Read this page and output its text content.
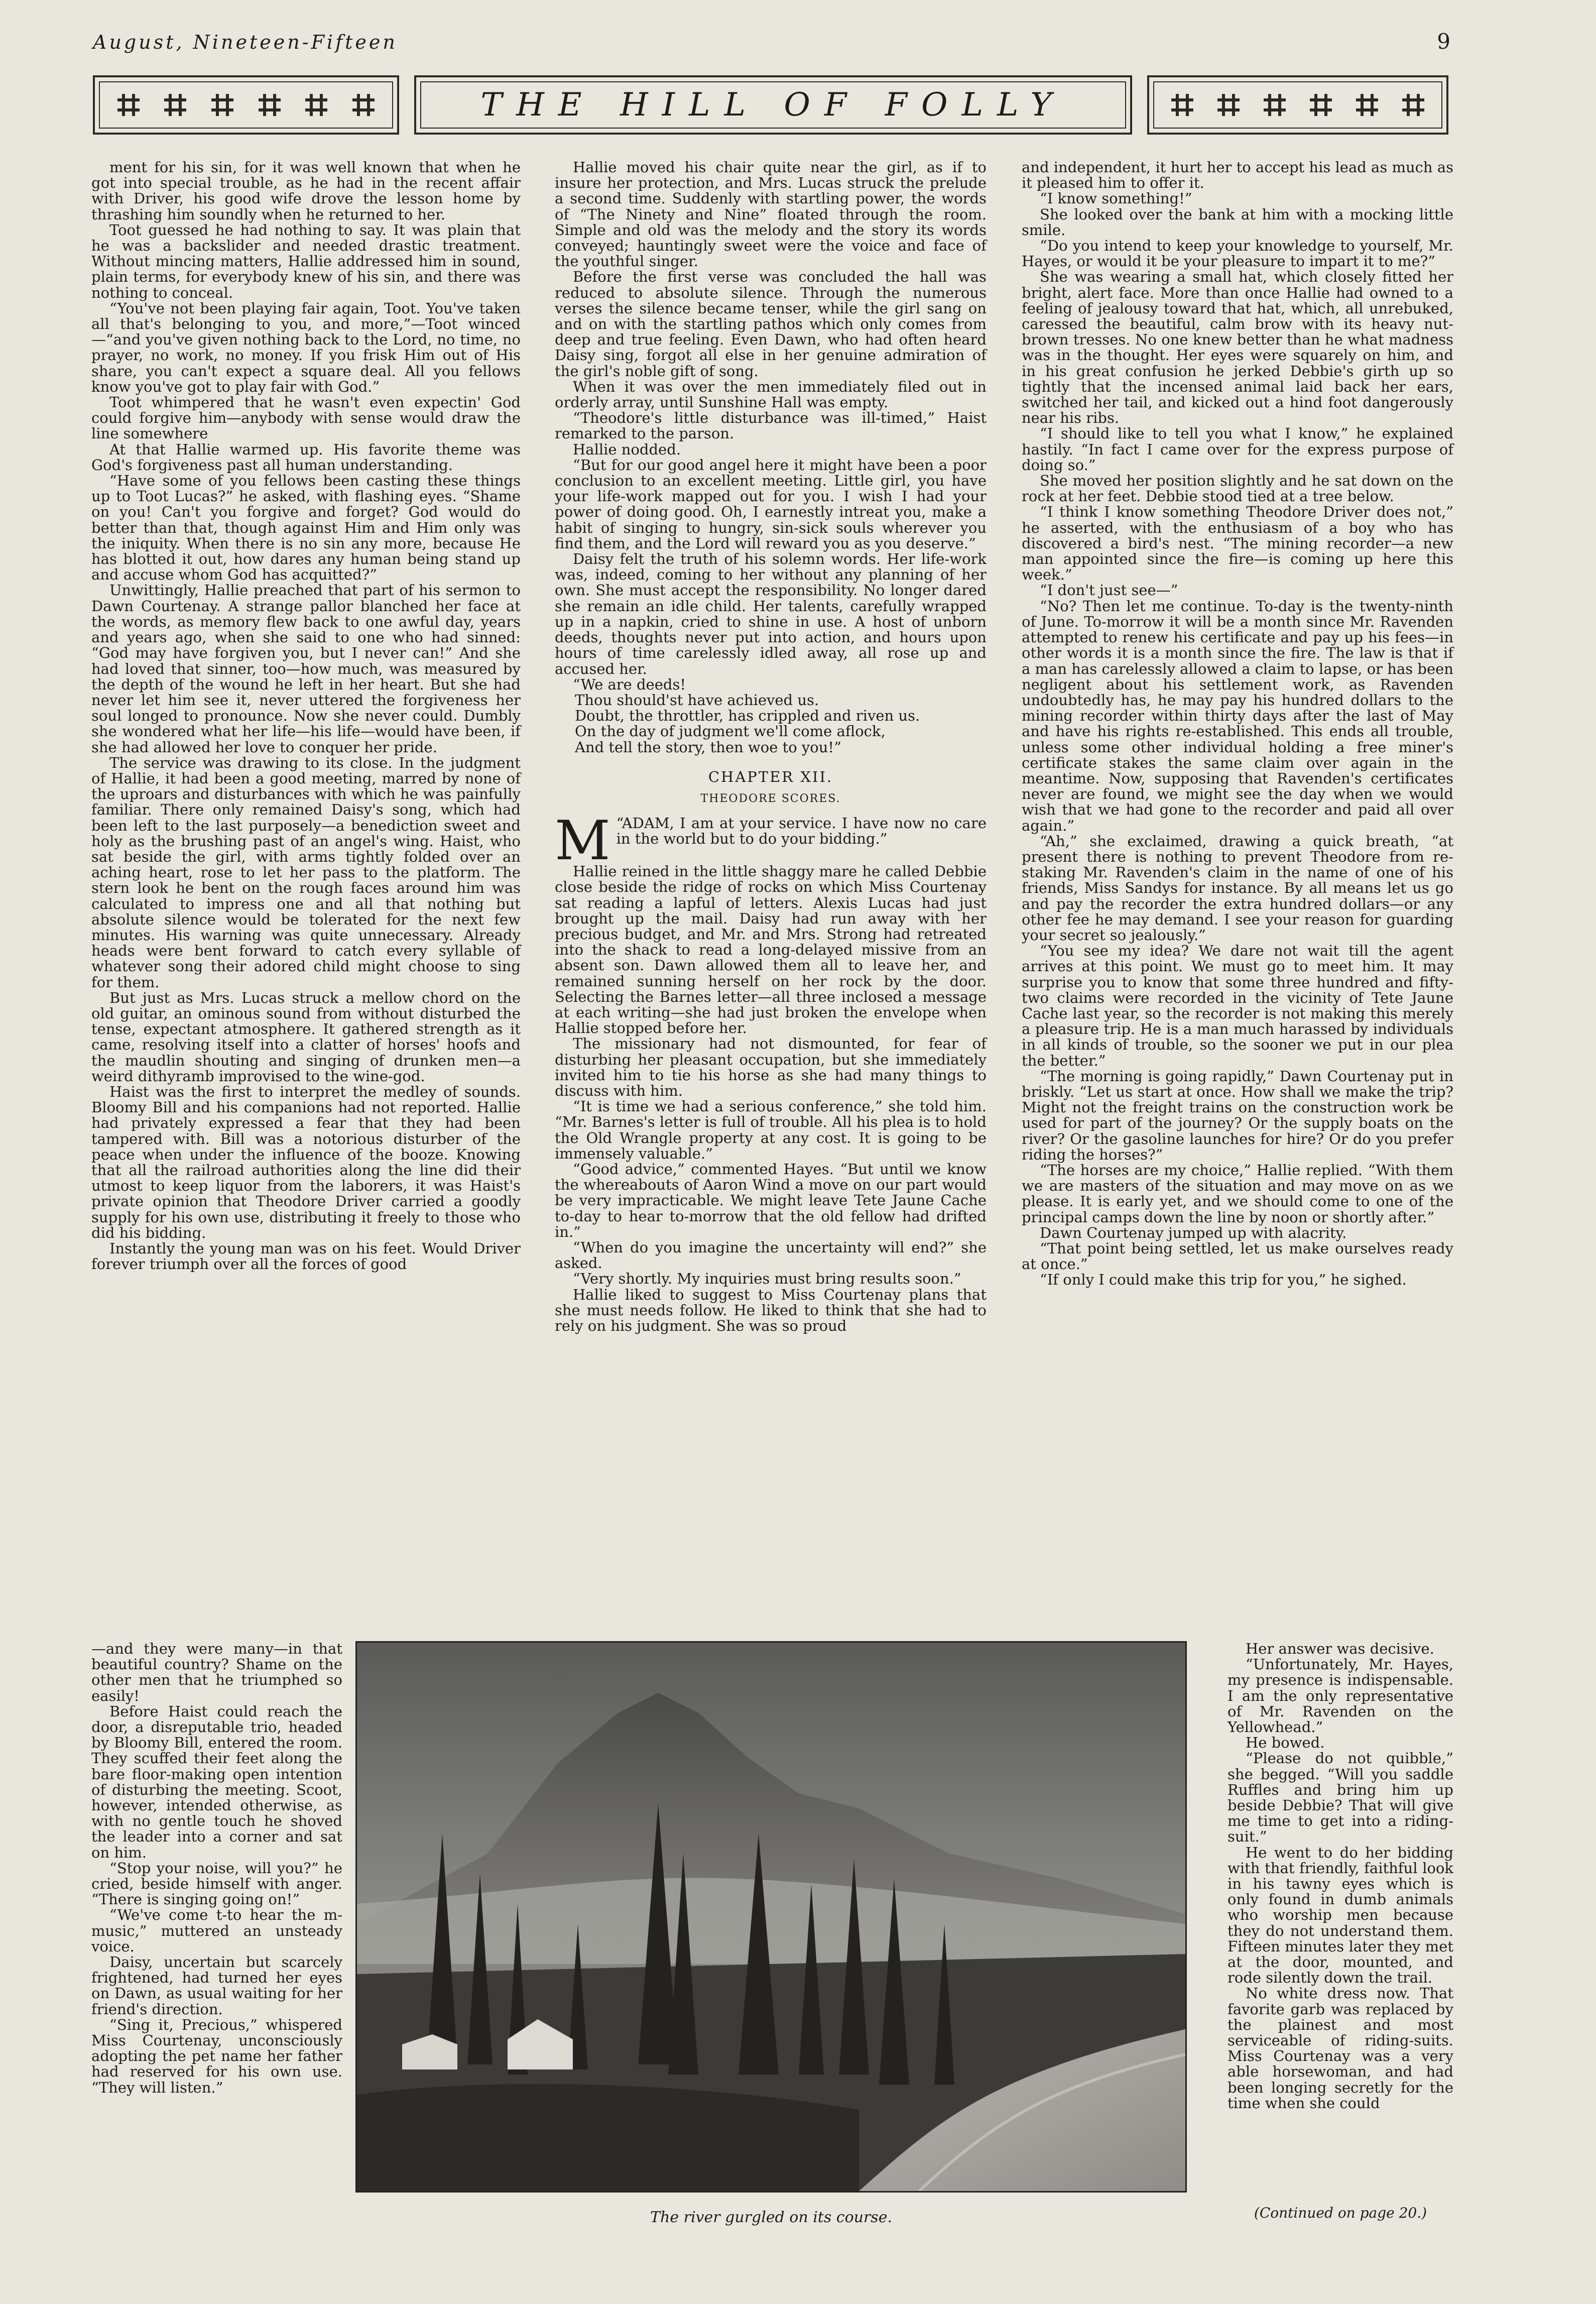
August, Nineteen-Fifteen	9
THE HILL OF FOLLY

ment for his sin, for it was well known that when he got into special trouble, as he had in the recent affair with Driver, his good wife drove the lesson home by thrashing him soundly when he returned to her.

Toot guessed he had nothing to say. It was plain that he was a backslider and needed drastic treatment. Without mincing matters, Hallie addressed him in sound, plain terms, for everybody knew of his sin, and there was nothing to conceal.

“You've not been playing fair again, Toot. You've taken all that's belonging to you, and more,”—Toot winced—“and you've given nothing back to the Lord, no time, no prayer, no work, no money. If you frisk Him out of His share, you can't expect a square deal. All you fellows know you've got to play fair with God.”

Toot whimpered that he wasn't even expectin' God could forgive him—anybody with sense would draw the line somewhere

At that Hallie warmed up. His favorite theme was God's forgiveness past all human understanding.

“Have some of you fellows been casting these things up to Toot Lucas?” he asked, with flashing eyes. “Shame on you! Can't you forgive and forget? God would do better than that, though against Him and Him only was the iniquity. When there is no sin any more, because He has blotted it out, how dares any human being stand up and accuse whom God has acquitted?”

Unwittingly, Hallie preached that part of his sermon to Dawn Courtenay. A strange pallor blanched her face at the words, as memory flew back to one awful day, years and years ago, when she said to one who had sinned: “God may have forgiven you, but I never can!” And she had loved that sinner, too—how much, was measured by the depth of the wound he left in her heart. But she had never let him see it, never uttered the forgiveness her soul longed to pronounce. Now she never could. Dumbly she wondered what her life—his life—would have been, if she had allowed her love to conquer her pride.

The service was drawing to its close. In the judgment of Hallie, it had been a good meeting, marred by none of the uproars and disturbances with which he was painfully familiar. There only remained Daisy's song, which had been left to the last purposely—a benediction sweet and holy as the brushing past of an angel's wing. Haist, who sat beside the girl, with arms tightly folded over an aching heart, rose to let her pass to the platform. The stern look he bent on the rough faces around him was calculated to impress one and all that nothing but absolute silence would be tolerated for the next few minutes. His warning was quite unnecessary. Already heads were bent forward to catch every syllable of whatever song their adored child might choose to sing for them.

But just as Mrs. Lucas struck a mellow chord on the old guitar, an ominous sound from without disturbed the tense, expectant atmosphere. It gathered strength as it came, resolving itself into a clatter of horses' hoofs and the maudlin shouting and singing of drunken men—a weird dithyramb improvised to the wine-god.

Haist was the first to interpret the medley of sounds. Bloomy Bill and his companions had not reported. Hallie had privately expressed a fear that they had been tampered with. Bill was a notorious disturber of the peace when under the influence of the booze. Knowing that all the railroad authorities along the line did their utmost to keep liquor from the laborers, it was Haist's private opinion that Theodore Driver carried a goodly supply for his own use, distributing it freely to those who did his bidding.

Instantly the young man was on his feet. Would Driver forever triumph over all the forces of good

—and they were many—in that beautiful country? Shame on the other men that he triumphed so easily!

Before Haist could reach the door, a disreputable trio, headed by Bloomy Bill, entered the room. They scuffed their feet along the bare floor-making open intention of disturbing the meeting. Scoot, however, intended otherwise, as with no gentle touch he shoved the leader into a corner and sat on him.

“Stop your noise, will you?” he cried, beside himself with anger. “There is singing going on!”

“We've come t-to hear the m-music,” muttered an unsteady voice.

Daisy, uncertain but scarcely frightened, had turned her eyes on Dawn, as usual waiting for her friend's direction.

“Sing it, Precious,” whispered Miss Courtenay, unconsciously adopting the pet name her father had reserved for his own use. “They will listen.”

Hallie moved his chair quite near the girl, as if to insure her protection, and Mrs. Lucas struck the prelude a second time. Suddenly with startling power, the words of “The Ninety and Nine” floated through the room. Simple and old was the melody and the story its words conveyed; hauntingly sweet were the voice and face of the youthful singer.

Before the first verse was concluded the hall was reduced to absolute silence. Through the numerous verses the silence became tenser, while the girl sang on and on with the startling pathos which only comes from deep and true feeling. Even Dawn, who had often heard Daisy sing, forgot all else in her genuine admiration of the girl's noble gift of song.

When it was over the men immediately filed out in orderly array, until Sunshine Hall was empty.

“Theodore's little disturbance was ill-timed,” Haist remarked to the parson.

Hallie nodded.

“But for our good angel here it might have been a poor conclusion to an excellent meeting. Little girl, you have your life-work mapped out for you. I wish I had your power of doing good. Oh, I earnestly intreat you, make a habit of singing to hungry, sin-sick souls wherever you find them, and the Lord will reward you as you deserve.”

Daisy felt the truth of his solemn words. Her life-work was, indeed, coming to her without any planning of her own. She must accept the responsibility. No longer dared she remain an idle child. Her talents, carefully wrapped up in a napkin, cried to shine in use. A host of unborn deeds, thoughts never put into action, and hours upon hours of time carelessly idled away, all rose up and accused her.

“We are deeds!

Thou should'st have achieved us.

Doubt, the throttler, has crippled and riven us.

On the day of judgment we'll come aflock,

And tell the story, then woe to you!”

CHAPTER XII.

THEODORE SCORES.

M “ADAM, I am at your service. I have now no care in the world but to do your bidding.”

Hallie reined in the little shaggy mare he called Debbie close beside the ridge of rocks on which Miss Courtenay sat reading a lapful of letters. Alexis Lucas had just brought up the mail. Daisy had run away with her precious budget, and Mr. and Mrs. Strong had retreated into the shack to read a long-delayed missive from an absent son. Dawn allowed them all to leave her, and remained sunning herself on her rock by the door. Selecting the Barnes letter—all three inclosed a message at each writing—she had just broken the envelope when Hallie stopped before her.

The missionary had not dismounted, for fear of disturbing her pleasant occupation, but she immediately invited him to tie his horse as she had many things to discuss with him.

“It is time we had a serious conference,” she told him. “Mr. Barnes's letter is full of trouble. All his plea is to hold the Old Wrangle property at any cost. It is going to be immensely valuable.”

“Good advice,” commented Hayes. “But until we know the whereabouts of Aaron Wind a move on our part would be very impracticable. We might leave Tete Jaune Cache to-day to hear to-morrow that the old fellow had drifted in.”

“When do you imagine the uncertainty will end?” she asked.

“Very shortly. My inquiries must bring results soon.”

Hallie liked to suggest to Miss Courtenay plans that she must needs follow. He liked to think that she had to rely on his judgment. She was so proud

and independent, it hurt her to accept his lead as much as it pleased him to offer it.

“I know something!”

She looked over the bank at him with a mocking little smile.

“Do you intend to keep your knowledge to yourself, Mr. Hayes, or would it be your pleasure to impart it to me?”

She was wearing a small hat, which closely fitted her bright, alert face. More than once Hallie had owned to a feeling of jealousy toward that hat, which, all unrebuked, caressed the beautiful, calm brow with its heavy nut-brown tresses. No one knew better than he what madness was in the thought. Her eyes were squarely on him, and in his great confusion he jerked Debbie's girth up so tightly that the incensed animal laid back her ears, switched her tail, and kicked out a hind foot dangerously near his ribs.

“I should like to tell you what I know,” he explained hastily. “In fact I came over for the express purpose of doing so.”

She moved her position slightly and he sat down on the rock at her feet. Debbie stood tied at a tree below.

“I think I know something Theodore Driver does not,” he asserted, with the enthusiasm of a boy who has discovered a bird's nest. “The mining recorder—a new man appointed since the fire—is coming up here this week.”

“I don't just see—”

“No? Then let me continue. To-day is the twenty-ninth of June. To-morrow it will be a month since Mr. Ravenden attempted to renew his certificate and pay up his fees—in other words it is a month since the fire. The law is that if a man has carelessly allowed a claim to lapse, or has been negligent about his settlement work, as Ravenden undoubtedly has, he may pay his hundred dollars to the mining recorder within thirty days after the last of May and have his rights re-established. This ends all trouble, unless some other individual holding a free miner's certificate stakes the same claim over again in the meantime. Now, supposing that Ravenden's certificates never are found, we might see the day when we would wish that we had gone to the recorder and paid all over again.”

“Ah,” she exclaimed, drawing a quick breath, “at present there is nothing to prevent Theodore from re-staking Mr. Ravenden's claim in the name of one of his friends, Miss Sandys for instance. By all means let us go and pay the recorder the extra hundred dollars—or any other fee he may demand. I see your reason for guarding your secret so jealously.”

“You see my idea? We dare not wait till the agent arrives at this point. We must go to meet him. It may surprise you to know that some three hundred and fifty-two claims were recorded in the vicinity of Tete Jaune Cache last year, so the recorder is not making this merely a pleasure trip. He is a man much harassed by individuals in all kinds of trouble, so the sooner we put in our plea the better.”

“The morning is going rapidly,” Dawn Courtenay put in briskly. “Let us start at once. How shall we make the trip? Might not the freight trains on the construction work be used for part of the journey? Or the supply boats on the river? Or the gasoline launches for hire? Or do you prefer riding the horses?”

“The horses are my choice,” Hallie replied. “With them we are masters of the situation and may move on as we please. It is early yet, and we should come to one of the principal camps down the line by noon or shortly after.”

Dawn Courtenay jumped up with alacrity.

“That point being settled, let us make ourselves ready at once.”

“If only I could make this trip for you,” he sighed.

Her answer was decisive.

“Unfortunately, Mr. Hayes, my presence is indispensable. I am the only representative of Mr. Ravenden on the Yellowhead.”

He bowed.

“Please do not quibble,” she begged. “Will you saddle Ruffles and bring him up beside Debbie? That will give me time to get into a riding-suit.”

He went to do her bidding with that friendly, faithful look in his tawny eyes which is only found in dumb animals who worship men because they do not understand them. Fifteen minutes later they met at the door, mounted, and rode silently down the trail.

No white dress now. That favorite garb was replaced by the plainest and most serviceable of riding-suits. Miss Courtenay was a very able horsewoman, and had been longing secretly for the time when she could

The river gurgled on its course.	(Continued on page 20.)
